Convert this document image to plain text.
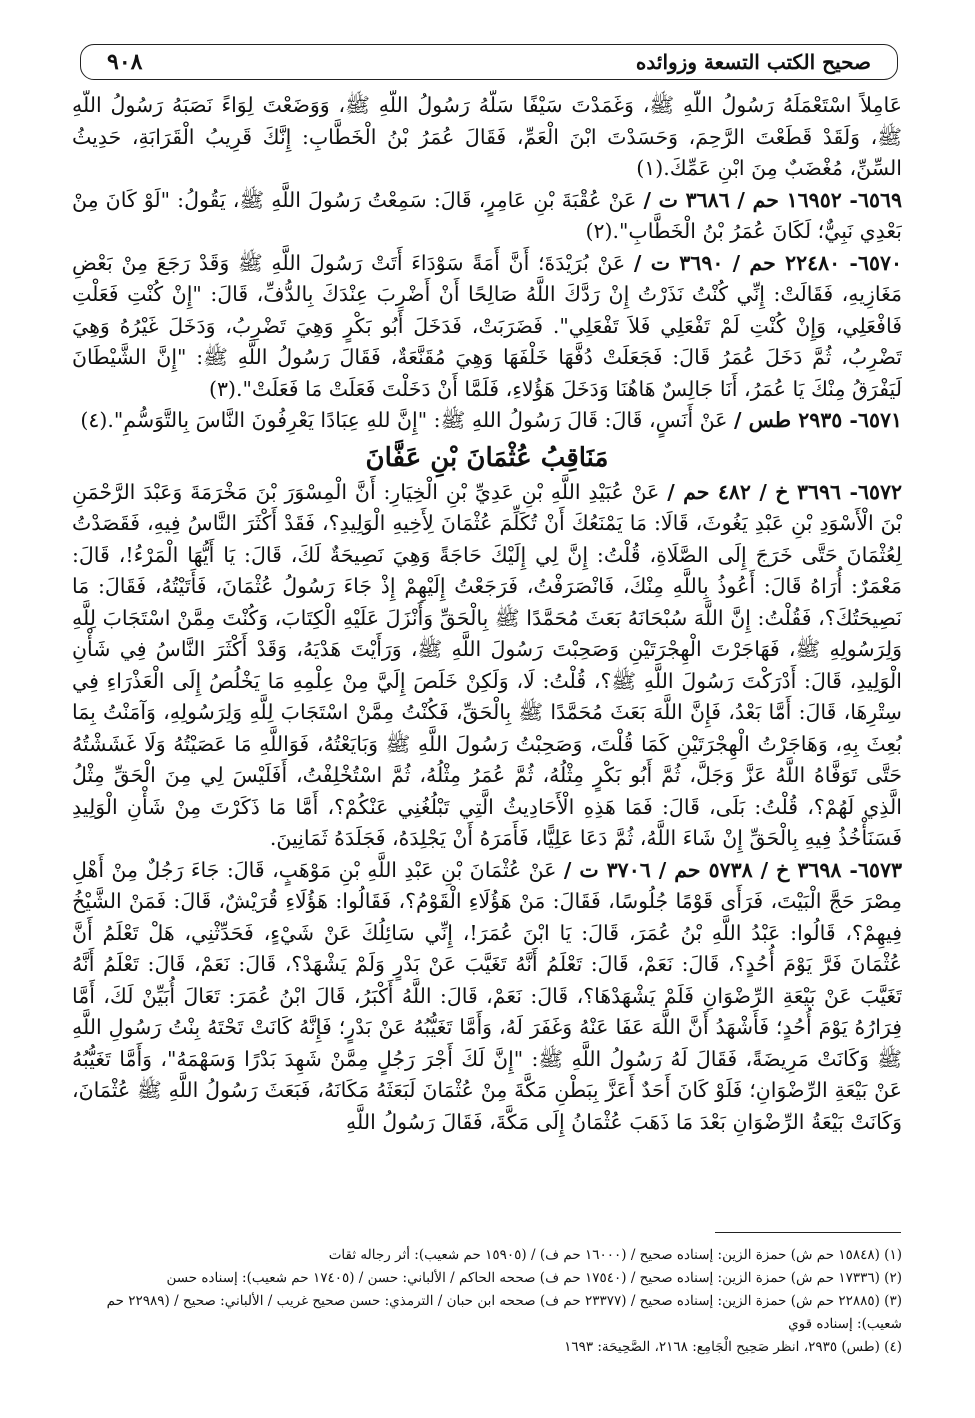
صحيح الكتب التسعة وزوائده
٩٠٨

عَامِلاً اسْتَعْمَلَهُ رَسُولُ اللَّهِ ﷺ، وَغَمَدْتَ سَيْفًا سَلَّهُ رَسُولُ اللَّهِ ﷺ، وَوَضَعْتَ لِوَاءً نَصَبَهُ رَسُولُ اللَّهِ ﷺ، وَلَقَدْ قَطَعْتَ الرَّحِمَ، وَحَسَدْتَ ابْنَ الْعَمِّ، فَقَالَ عُمَرُ بْنُ الْخَطَّابِ: إِنَّكَ قَرِيبُ الْقَرَابَةِ، حَدِيثُ السِّنِّ، مُغْضَبٌ مِنَ ابْنِ عَمِّكَ.(١)

٦٥٦٩- ١٦٩٥٢ حم / ٣٦٨٦ ت / عَنْ عُقْبَةَ بْنِ عَامِرٍ، قَالَ: سَمِعْتُ رَسُولَ اللَّهِ ﷺ، يَقُولُ: "لَوْ كَانَ مِنْ بَعْدِي نَبِيٌّ؛ لَكَانَ عُمَرُ بْنُ الْخَطَّابِ".(٢)

٦٥٧٠- ٢٢٤٨٠ حم / ٣٦٩٠ ت / عَنْ بُرَيْدَةَ؛ أَنَّ أَمَةً سَوْدَاءَ أَتَتْ رَسُولَ اللَّهِ ﷺ وَقَدْ رَجَعَ مِنْ بَعْضِ مَغَازِيهِ، فَقَالَتْ: إِنِّي كُنْتُ نَذَرْتُ إِنْ رَدَّكَ اللَّهُ صَالِحًا أَنْ أَضْرِبَ عِنْدَكَ بِالدُّفِّ، قَالَ: "إِنْ كُنْتِ فَعَلْتِ فَافْعَلِي، وَإِنْ كُنْتِ لَمْ تَفْعَلِي فَلاَ تَفْعَلِي". فَضَرَبَتْ، فَدَخَلَ أَبُو بَكْرٍ وَهِيَ تَضْرِبُ، وَدَخَلَ غَيْرُهُ وَهِيَ تَضْرِبُ، ثُمَّ دَخَلَ عُمَرُ قَالَ: فَجَعَلَتْ دُفَّهَا خَلْفَهَا وَهِيَ مُقَنَّعَةٌ، فَقَالَ رَسُولُ اللَّهِ ﷺ: "إِنَّ الشَّيْطَانَ لَيَفْرَقُ مِنْكَ يَا عُمَرُ، أَنَا جَالِسٌ هَاهُنَا وَدَخَلَ هَؤُلاءِ، فَلَمَّا أَنْ دَخَلْتَ فَعَلَتْ مَا فَعَلَتْ".(٣)

٦٥٧١- ٢٩٣٥ طس / عَنْ أَنَسٍ، قَالَ: قَالَ رَسُولُ اللهِ ﷺ: "إِنَّ للهِ عِبَادًا يَعْرِفُونَ النَّاسَ بِالتَّوَسُّمِ".(٤)

مَنَاقِبُ عُثْمَانَ بْنِ عَفَّانَ

٦٥٧٢- ٣٦٩٦ خ / ٤٨٢ حم / عَنْ عُبَيْدِ اللَّهِ بْنِ عَدِيِّ بْنِ الْخِيَارِ: أَنَّ الْمِسْوَرَ بْنَ مَخْرَمَةَ وَعَبْدَ الرَّحْمَنِ بْنَ الْأَسْوَدِ بْنِ عَبْدِ يَغُوثَ، قَالَا: مَا يَمْنَعُكَ أَنْ تُكَلِّمَ عُثْمَانَ لِأَخِيهِ الْوَلِيدِ؟، فَقَدْ أَكْثَرَ النَّاسُ فِيهِ، فَقَصَدْتُ لِعُثْمَانَ حَتَّى خَرَجَ إِلَى الصَّلَاةِ، قُلْتُ: إِنَّ لِي إِلَيْكَ حَاجَةً وَهِيَ نَصِيحَةٌ لَكَ، قَالَ: يَا أَيُّهَا الْمَرْءُ!، قَالَ: مَعْمَرٌ: أُرَاهُ قَالَ: أَعُوذُ بِاللَّهِ مِنْكَ، فَانْصَرَفْتُ، فَرَجَعْتُ إِلَيْهِمْ إِذْ جَاءَ رَسُولُ عُثْمَانَ، فَأَتَيْتُهُ، فَقَالَ: مَا نَصِيحَتُكَ؟، فَقُلْتُ: إِنَّ اللَّهَ سُبْحَانَهُ بَعَثَ مُحَمَّدًا ﷺ بِالْحَقِّ وَأَنْزَلَ عَلَيْهِ الْكِتَابَ، وَكُنْتَ مِمَّنْ اسْتَجَابَ لِلَّهِ وَلِرَسُولِهِ ﷺ، فَهَاجَرْتَ الْهِجْرَتَيْنِ وَصَحِبْتَ رَسُولَ اللَّهِ ﷺ، وَرَأَيْتَ هَدْيَهُ، وَقَدْ أَكْثَرَ النَّاسُ فِي شَأْنِ الْوَلِيدِ، قَالَ: أَدْرَكْتَ رَسُولَ اللَّهِ ﷺ؟، قُلْتُ: لَا، وَلَكِنْ خَلَصَ إِلَيَّ مِنْ عِلْمِهِ مَا يَخْلُصُ إِلَى الْعَذْرَاءِ فِي سِتْرِهَا، قَالَ: أَمَّا بَعْدُ، فَإِنَّ اللَّهَ بَعَثَ مُحَمَّدًا ﷺ بِالْحَقِّ، فَكُنْتُ مِمَّنْ اسْتَجَابَ لِلَّهِ وَلِرَسُولِهِ، وَآمَنْتُ بِمَا بُعِثَ بِهِ، وَهَاجَرْتُ الْهِجْرَتَيْنِ كَمَا قُلْتَ، وَصَحِبْتُ رَسُولَ اللَّهِ ﷺ وَبَايَعْتُهُ، فَوَاللَّهِ مَا عَصَيْتُهُ وَلَا غَشَشْتُهُ حَتَّى تَوَفَّاهُ اللَّهُ عَزَّ وَجَلَّ، ثُمَّ أَبُو بَكْرٍ مِثْلُهُ، ثُمَّ عُمَرُ مِثْلُهُ، ثُمَّ اسْتُخْلِفْتُ، أَفَلَيْسَ لِي مِنَ الْحَقِّ مِثْلُ الَّذِي لَهُمْ؟، قُلْتُ: بَلَى، قَالَ: فَمَا هَذِهِ الْأَحَادِيثُ الَّتِي تَبْلُغُنِي عَنْكُمْ؟، أَمَّا مَا ذَكَرْتَ مِنْ شَأْنِ الْوَلِيدِ فَسَنَأْخُذُ فِيهِ بِالْحَقِّ إِنْ شَاءَ اللَّهُ، ثُمَّ دَعَا عَلِيًّا، فَأَمَرَهُ أَنْ يَجْلِدَهُ، فَجَلَدَهُ ثَمَانِينَ.

٦٥٧٣- ٣٦٩٨ خ / ٥٧٣٨ حم / ٣٧٠٦ ت / عَنْ عُثْمَانَ بْنِ عَبْدِ اللَّهِ بْنِ مَوْهَبٍ، قَالَ: جَاءَ رَجُلٌ مِنْ أَهْلِ مِصْرَ حَجَّ الْبَيْتَ، فَرَأَى قَوْمًا جُلُوسًا، فَقَالَ: مَنْ هَؤُلَاءِ الْقَوْمُ؟، فَقَالُوا: هَؤُلَاءِ قُرَيْشٌ، قَالَ: فَمَنْ الشَّيْخُ فِيهِمْ؟، قَالُوا: عَبْدُ اللَّهِ بْنُ عُمَرَ، قَالَ: يَا ابْنَ عُمَرَ!، إِنِّي سَائِلُكَ عَنْ شَيْءٍ، فَحَدِّثْنِي، هَلْ تَعْلَمُ أَنَّ عُثْمَانَ فَرَّ يَوْمَ أُحُدٍ؟، قَالَ: نَعَمْ، قَالَ: تَعْلَمُ أَنَّهُ تَغَيَّبَ عَنْ بَدْرٍ وَلَمْ يَشْهَدْ؟، قَالَ: نَعَمْ، قَالَ: تَعْلَمُ أَنَّهُ تَغَيَّبَ عَنْ بَيْعَةِ الرِّضْوَانِ فَلَمْ يَشْهَدْهَا؟، قَالَ: نَعَمْ، قَالَ: اللَّهُ أَكْبَرُ، قَالَ ابْنُ عُمَرَ: تَعَالَ أُبَيِّنْ لَكَ، أَمَّا فِرَارُهُ يَوْمَ أُحُدٍ؛ فَأَشْهَدُ أَنَّ اللَّهَ عَفَا عَنْهُ وَغَفَرَ لَهُ، وَأَمَّا تَغَيُّبُهُ عَنْ بَدْرٍ؛ فَإِنَّهُ كَانَتْ تَحْتَهُ بِنْتُ رَسُولِ اللَّهِ ﷺ وَكَانَتْ مَرِيضَةً، فَقَالَ لَهُ رَسُولُ اللَّهِ ﷺ: "إِنَّ لَكَ أَجْرَ رَجُلٍ مِمَّنْ شَهِدَ بَدْرًا وَسَهْمَهُ"، وَأَمَّا تَغَيُّبُهُ عَنْ بَيْعَةِ الرِّضْوَانِ؛ فَلَوْ كَانَ أَحَدٌ أَعَزَّ بِبَطْنِ مَكَّةَ مِنْ عُثْمَانَ لَبَعَثَهُ مَكَانَهُ، فَبَعَثَ رَسُولُ اللَّهِ ﷺ عُثْمَانَ، وَكَانَتْ بَيْعَةُ الرِّضْوَانِ بَعْدَ مَا ذَهَبَ عُثْمَانُ إِلَى مَكَّةَ، فَقَالَ رَسُولُ اللَّهِ

(١) (١٥٨٤٨ حم ش) حمزة الزين: إسناده صحيح / (١٦٠٠٠ حم ف) / (١٥٩٠٥ حم شعيب): أثر رجاله ثقات

(٢) (١٧٣٣٦ حم ش) حمزة الزين: إسناده صحيح / (١٧٥٤٠ حم ف) صححه الحاكم / الألباني: حسن / (١٧٤٠٥ حم شعيب): إسناده حسن

(٣) (٢٢٨٨٥ حم ش) حمزة الزين: إسناده صحيح / (٢٣٣٧٧ حم ف) صححه ابن حبان / الترمذي: حسن صحيح غريب / الألباني: صحيح / (٢٢٩٨٩ حم شعيب): إسناده قوي

(٤) (طس) ٢٩٣٥، انظر صَحِيح الْجَامِع: ٢١٦٨، الصَّحِيحَة: ١٦٩٣
